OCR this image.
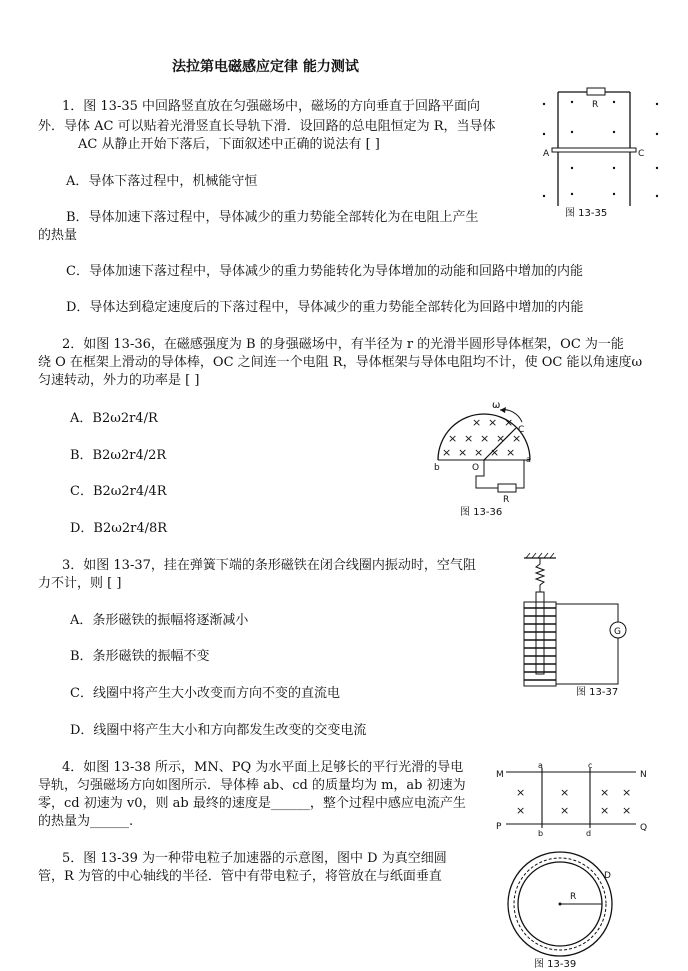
法拉第电磁感应定律 能力测试
1．图 13-35 中回路竖直放在匀强磁场中，磁场的方向垂直于回路平面向
外．导体 AC 可以贴着光滑竖直长导轨下滑．设回路的总电阻恒定为 R，当导体
AC 从静止开始下落后，下面叙述中正确的说法有 [ ]
A．导体下落过程中，机械能守恒
B．导体加速下落过程中，导体减少的重力势能全部转化为在电阻上产生
的热量
C．导体加速下落过程中，导体减少的重力势能转化为导体增加的动能和回路中增加的内能
D．导体达到稳定速度后的下落过程中，导体减少的重力势能全部转化为回路中增加的内能
R
A	C
图 13-35
2．如图 13-36，在磁感强度为 B 的身强磁场中，有半径为 r 的光滑半圆形导体框架，OC 为一能
绕 O 在框架上滑动的导体棒，OC 之间连一个电阻 R，导体框架与导体电阻均不计，使 OC 能以角速度ω
匀速转动，外力的功率是 [ ]
A．B2ω2r4/R
B．B2ω2r4/2R
C．B2ω2r4/4R
D．B2ω2r4/8R
R
× × ×
× × × × ×
× × × × ×
ω
C
b	O
a
图 13-36
3．如图 13-37，挂在弹簧下端的条形磁铁在闭合线圈内振动时，空气阻
力不计，则 [ ]
A．条形磁铁的振幅将逐渐减小
B．条形磁铁的振幅不变
C．线圈中将产生大小改变而方向不变的直流电
D．线圈中将产生大小和方向都发生改变的交变电流
G
图 13-37
4．如图 13-38 所示，MN、PQ 为水平面上足够长的平行光滑的导电
导轨，匀强磁场方向如图所示．导体棒 ab、cd 的质量均为 m，ab 初速为
零，cd 初速为 v0，则 ab 最终的速度是______，整个过程中感应电流产生
的热量为______.
M	N
P	Q
a
b
c
d
×	×	× ×
×	×	× ×
5．图 13-39 为一种带电粒子加速器的示意图，图中 D 为真空细圆
管，R 为管的中心轴线的半径．管中有带电粒子，将管放在与纸面垂直
R
D
图 13-39
